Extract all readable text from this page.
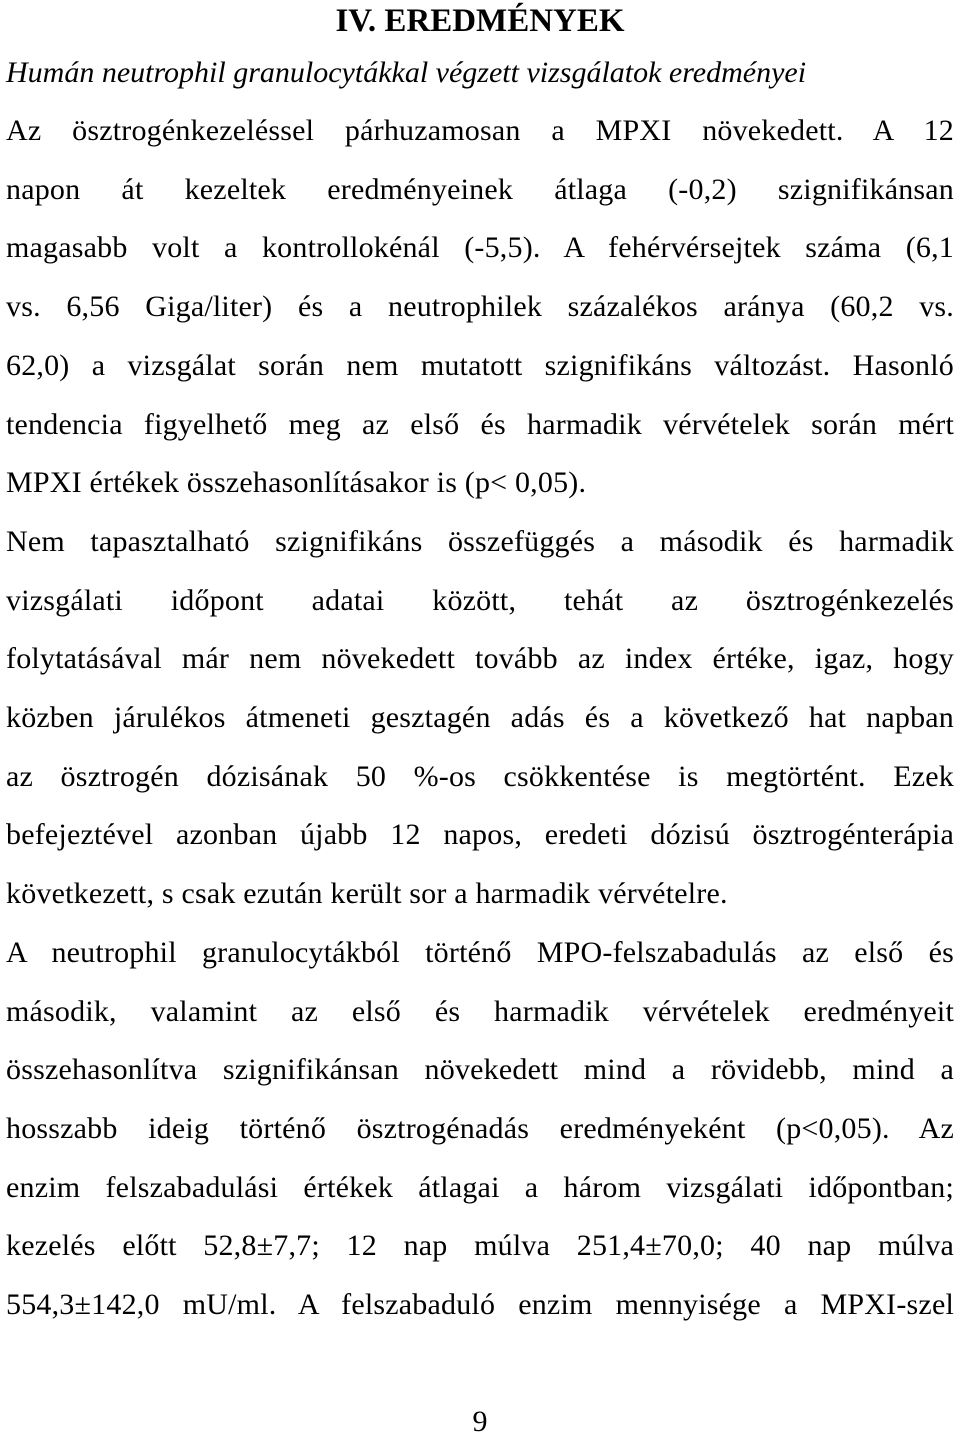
IV. EREDMÉNYEK
Humán neutrophil granulocytákkal végzett vizsgálatok eredményei
Az ösztrogénkezeléssel párhuzamosan a MPXI növekedett. A 12
napon át kezeltek eredményeinek átlaga (-0,2) szignifikánsan
magasabb volt a kontrollokénál (-5,5). A fehérvérsejtek száma (6,1
vs. 6,56 Giga/liter) és a neutrophilek százalékos aránya (60,2 vs.
62,0) a vizsgálat során nem mutatott szignifikáns változást. Hasonló
tendencia figyelhető meg az első és harmadik vérvételek során mért
MPXI értékek összehasonlításakor is (p< 0,05).
Nem tapasztalható szignifikáns összefüggés a második és harmadik
vizsgálati időpont adatai között, tehát az ösztrogénkezelés
folytatásával már nem növekedett tovább az index értéke, igaz, hogy
közben járulékos átmeneti gesztagén adás és a következő hat napban
az ösztrogén dózisának 50 %-os csökkentése is megtörtént. Ezek
befejeztével azonban újabb 12 napos, eredeti dózisú ösztrogénterápia
következett, s csak ezután került sor a harmadik vérvételre.
A neutrophil granulocytákból történő MPO-felszabadulás az első és
második, valamint az első és harmadik vérvételek eredményeit
összehasonlítva szignifikánsan növekedett mind a rövidebb, mind a
hosszabb ideig történő ösztrogénadás eredményeként (p<0,05). Az
enzim felszabadulási értékek átlagai a három vizsgálati időpontban;
kezelés előtt 52,8±7,7; 12 nap múlva 251,4±70,0; 40 nap múlva
554,3±142,0 mU/ml. A felszabaduló enzim mennyisége a MPXI-szel
9
